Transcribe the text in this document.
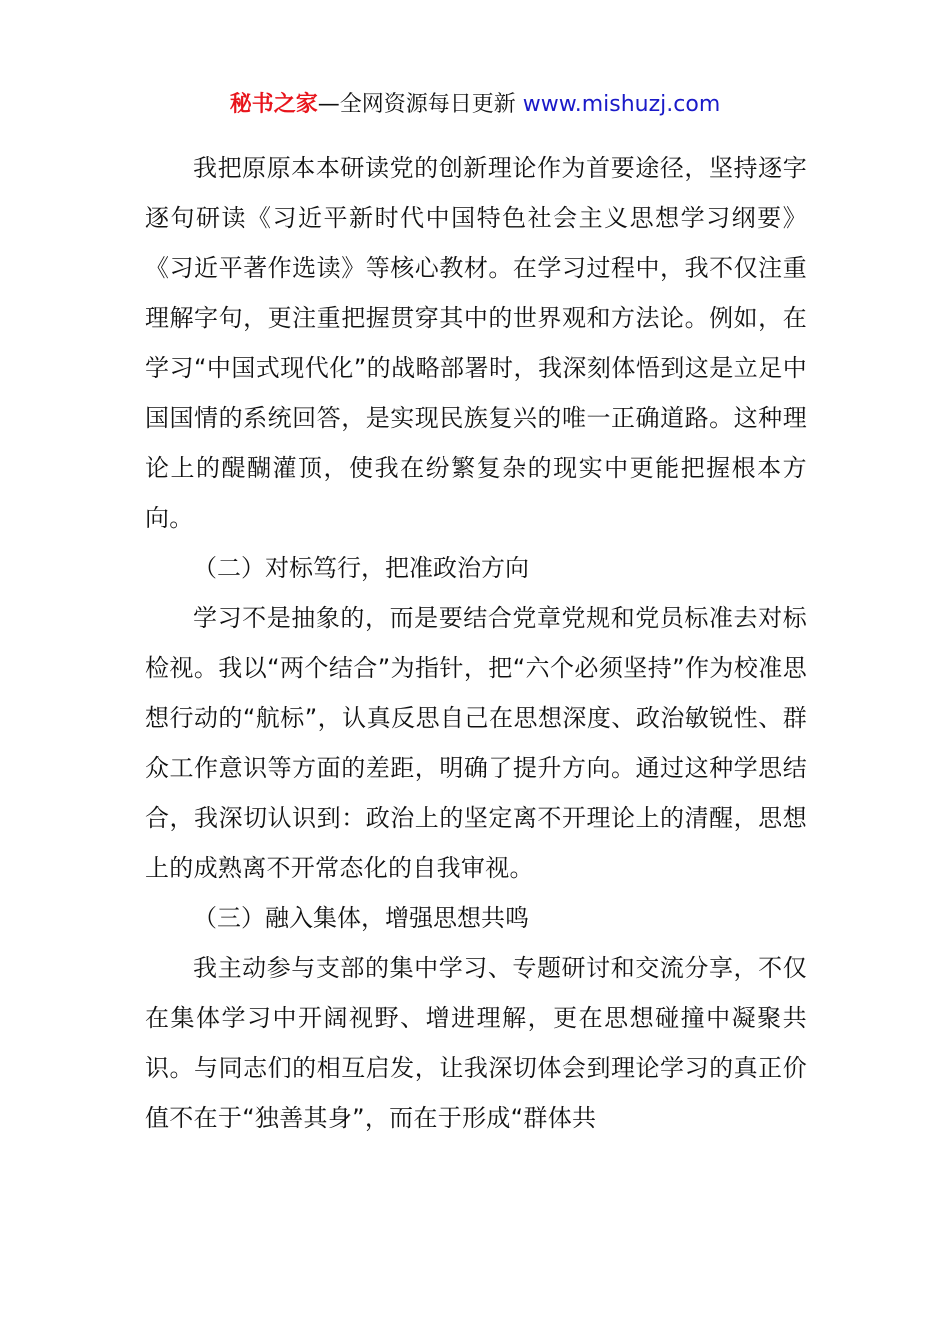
秘书之家—全网资源每日更新 www.mishuzj.com

我把原原本本研读党的创新理论作为首要途径，坚持逐字逐句研读《习近平新时代中国特色社会主义思想学习纲要》《习近平著作选读》等核心教材。在学习过程中，我不仅注重理解字句，更注重把握贯穿其中的世界观和方法论。例如，在学习“中国式现代化”的战略部署时，我深刻体悟到这是立足中国国情的系统回答，是实现民族复兴的唯一正确道路。这种理论上的醍醐灌顶，使我在纷繁复杂的现实中更能把握根本方向。

（二）对标笃行，把准政治方向

学习不是抽象的，而是要结合党章党规和党员标准去对标检视。我以“两个结合”为指针，把“六个必须坚持”作为校准思想行动的“航标”，认真反思自己在思想深度、政治敏锐性、群众工作意识等方面的差距，明确了提升方向。通过这种学思结合，我深切认识到：政治上的坚定离不开理论上的清醒，思想上的成熟离不开常态化的自我审视。

（三）融入集体，增强思想共鸣

我主动参与支部的集中学习、专题研讨和交流分享，不仅在集体学习中开阔视野、增进理解，更在思想碰撞中凝聚共识。与同志们的相互启发，让我深切体会到理论学习的真正价值不在于“独善其身”，而在于形成“群体共
